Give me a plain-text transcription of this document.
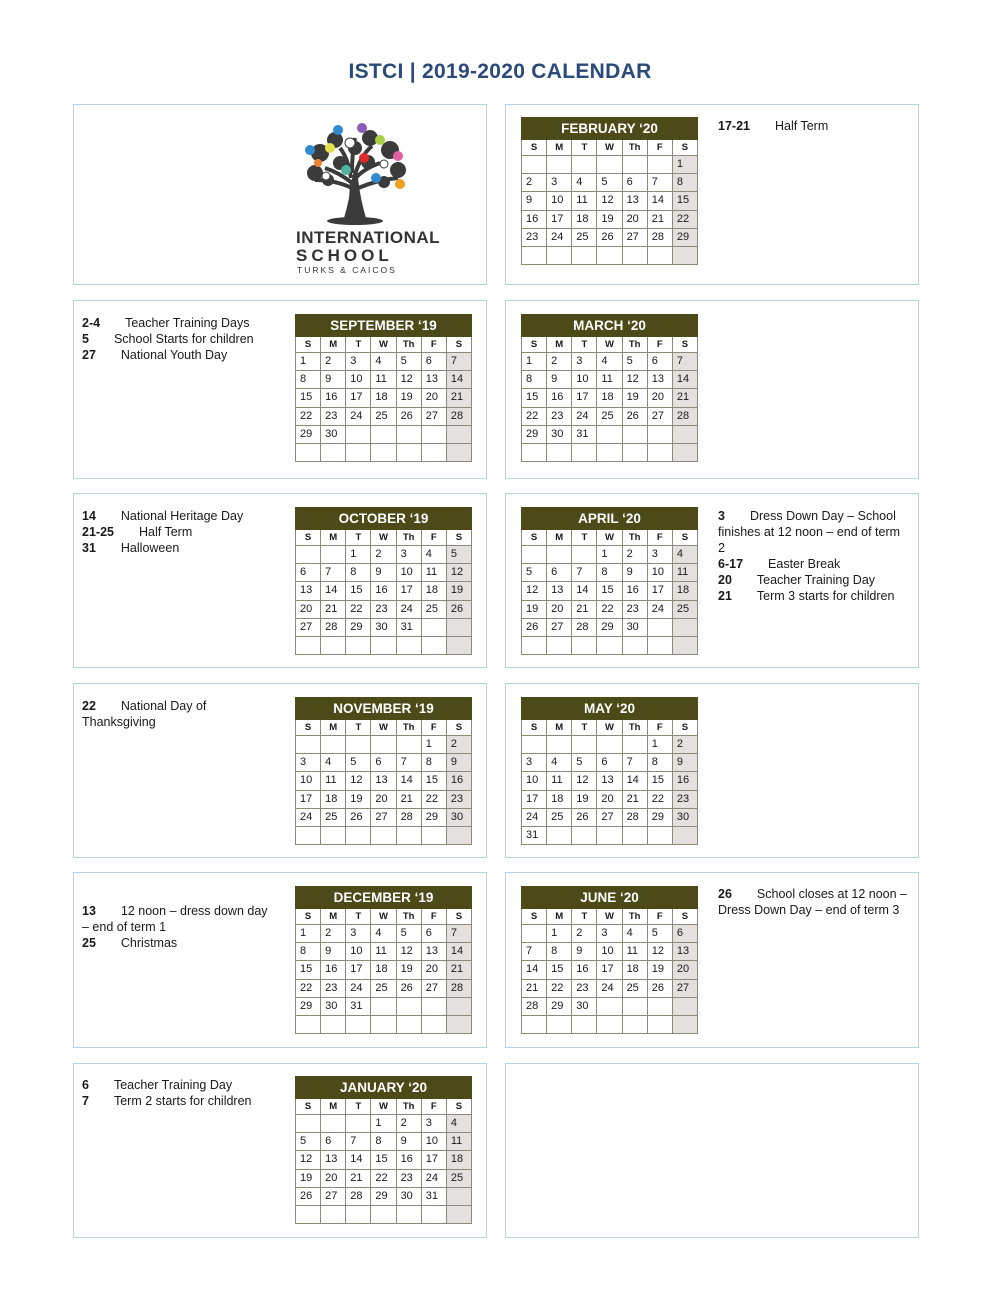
ISTCI | 2019-2020 CALENDAR
INTERNATIONAL
SCHOOL
TURKS & CAICOS
FEBRUARY ‘20						
S	M	T	W	Th	F	S
						1
2	3	4	5	6	7	8
9	10	11	12	13	14	15
16	17	18	19	20	21	22
23	24	25	26	27	28	29

SEPTEMBER ‘19						
S	M	T	W	Th	F	S
1	2	3	4	5	6	7
8	9	10	11	12	13	14
15	16	17	18	19	20	21
22	23	24	25	26	27	28
29	30					

MARCH ‘20						
S	M	T	W	Th	F	S
1	2	3	4	5	6	7
8	9	10	11	12	13	14
15	16	17	18	19	20	21
22	23	24	25	26	27	28
29	30	31				

OCTOBER ‘19						
S	M	T	W	Th	F	S
		1	2	3	4	5
6	7	8	9	10	11	12
13	14	15	16	17	18	19
20	21	22	23	24	25	26
27	28	29	30	31		

APRIL ‘20						
S	M	T	W	Th	F	S
			1	2	3	4
5	6	7	8	9	10	11
12	13	14	15	16	17	18
19	20	21	22	23	24	25
26	27	28	29	30		

NOVEMBER ‘19						
S	M	T	W	Th	F	S
					1	2
3	4	5	6	7	8	9
10	11	12	13	14	15	16
17	18	19	20	21	22	23
24	25	26	27	28	29	30

MAY ‘20						
S	M	T	W	Th	F	S
					1	2
3	4	5	6	7	8	9
10	11	12	13	14	15	16
17	18	19	20	21	22	23
24	25	26	27	28	29	30
31						
DECEMBER ‘19						
S	M	T	W	Th	F	S
1	2	3	4	5	6	7
8	9	10	11	12	13	14
15	16	17	18	19	20	21
22	23	24	25	26	27	28
29	30	31				

JUNE ‘20						
S	M	T	W	Th	F	S
	1	2	3	4	5	6
7	8	9	10	11	12	13
14	15	16	17	18	19	20
21	22	23	24	25	26	27
28	29	30				

JANUARY ‘20						
S	M	T	W	Th	F	S
			1	2	3	4
5	6	7	8	9	10	11
12	13	14	15	16	17	18
19	20	21	22	23	24	25
26	27	28	29	30	31	

17-21  Half Term
2-4  Teacher Training Days
5  School Starts for children
27  National Youth Day
14  National Heritage Day
21-25  Half Term
31  Halloween
3  Dress Down Day – School finishes at 12 noon – end of term 2
6-17  Easter Break
20  Teacher Training Day
21  Term 3 starts for children
22  National Day of Thanksgiving
13  12 noon – dress down day – end of term 1
25  Christmas
26  School closes at 12 noon – Dress Down Day – end of term 3
6  Teacher Training Day
7  Term 2 starts for children
